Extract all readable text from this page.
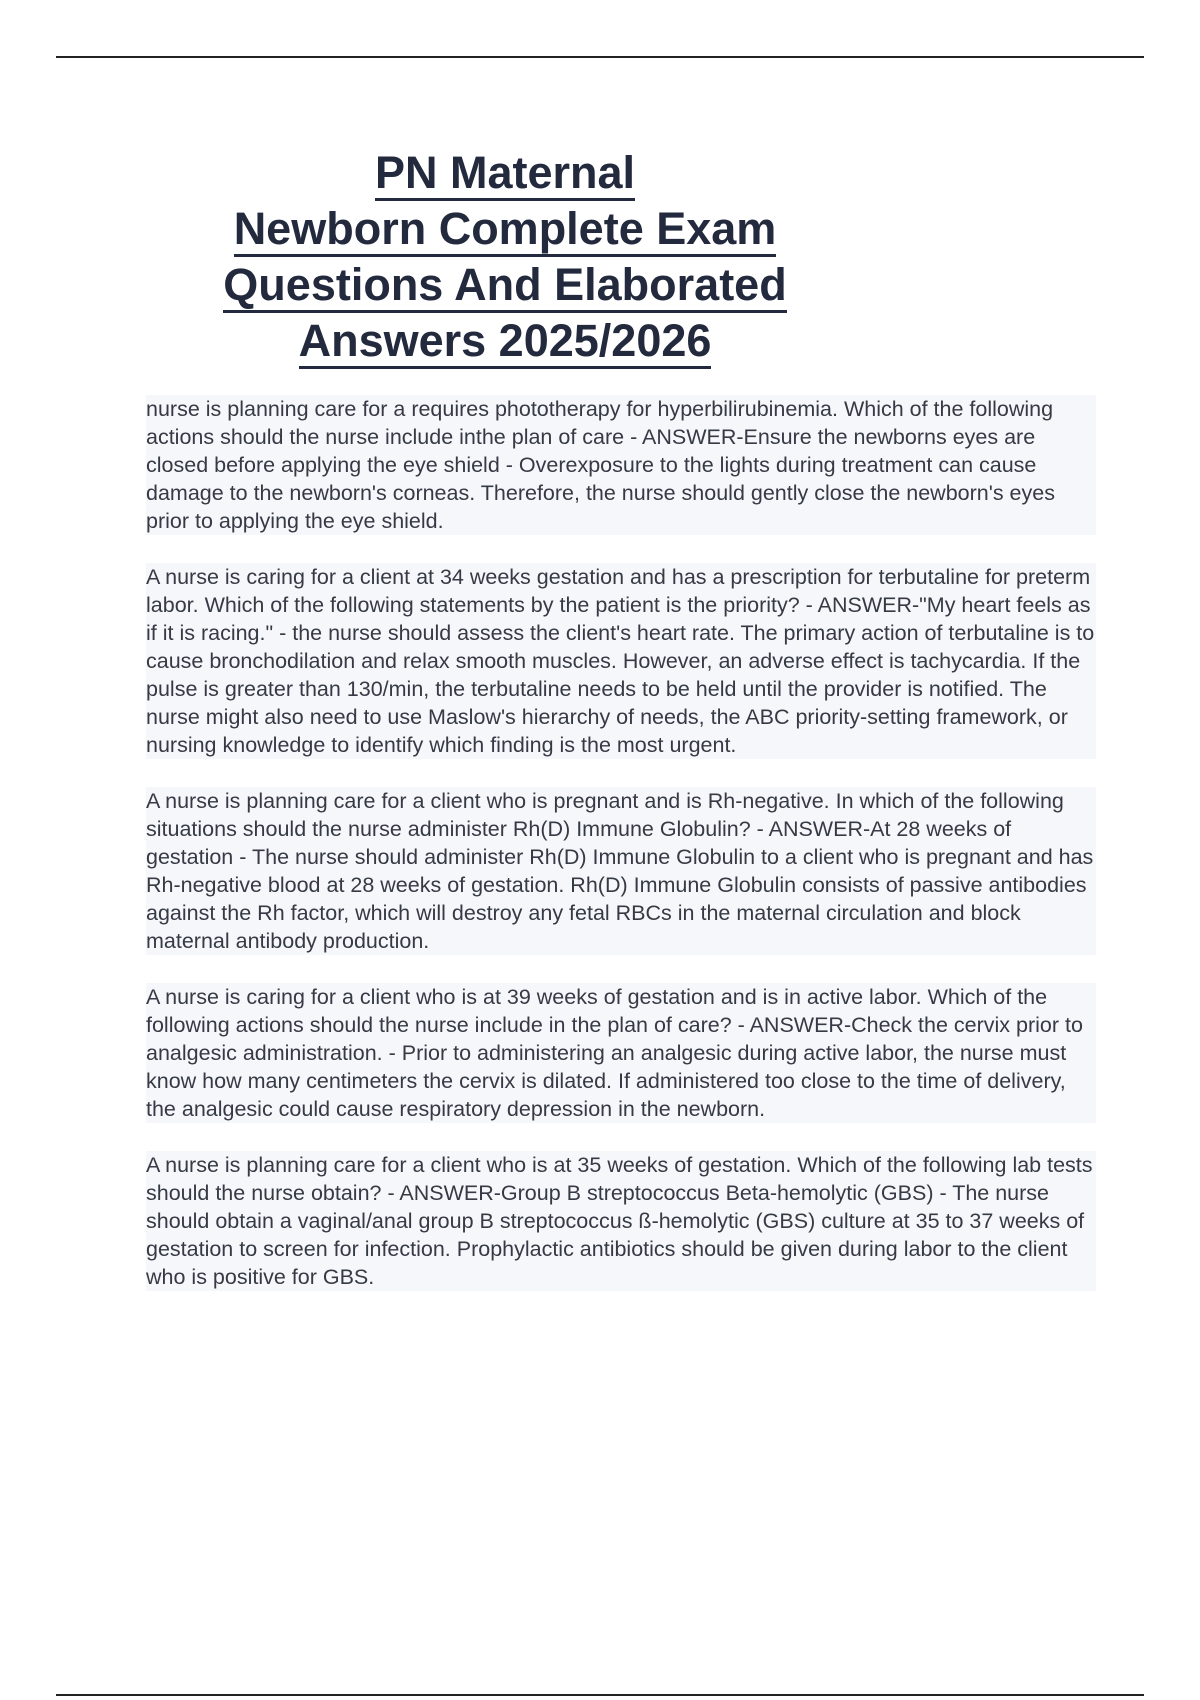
PN Maternal
Newborn Complete Exam
Questions And Elaborated
Answers 2025/2026

nurse is planning care for a requires phototherapy for hyperbilirubinemia. Which of the following actions should the nurse include inthe plan of care - ANSWER-Ensure the newborns eyes are closed before applying the eye shield - Overexposure to the lights during treatment can cause damage to the newborn's corneas. Therefore, the nurse should gently close the newborn's eyes prior to applying the eye shield.

A nurse is caring for a client at 34 weeks gestation and has a prescription for terbutaline for preterm labor. Which of the following statements by the patient is the priority? - ANSWER-"My heart feels as if it is racing." - the nurse should assess the client's heart rate. The primary action of terbutaline is to cause bronchodilation and relax smooth muscles. However, an adverse effect is tachycardia. If the pulse is greater than 130/min, the terbutaline needs to be held until the provider is notified. The nurse might also need to use Maslow's hierarchy of needs, the ABC priority-setting framework, or nursing knowledge to identify which finding is the most urgent.

A nurse is planning care for a client who is pregnant and is Rh-negative. In which of the following situations should the nurse administer Rh(D) Immune Globulin? - ANSWER-At 28 weeks of gestation - The nurse should administer Rh(D) Immune Globulin to a client who is pregnant and has Rh-negative blood at 28 weeks of gestation. Rh(D) Immune Globulin consists of passive antibodies against the Rh factor, which will destroy any fetal RBCs in the maternal circulation and block maternal antibody production.

A nurse is caring for a client who is at 39 weeks of gestation and is in active labor. Which of the following actions should the nurse include in the plan of care? - ANSWER-Check the cervix prior to analgesic administration. - Prior to administering an analgesic during active labor, the nurse must know how many centimeters the cervix is dilated. If administered too close to the time of delivery, the analgesic could cause respiratory depression in the newborn.

A nurse is planning care for a client who is at 35 weeks of gestation. Which of the following lab tests should the nurse obtain? - ANSWER-Group B streptococcus Beta-hemolytic (GBS) - The nurse should obtain a vaginal/anal group B streptococcus ß-hemolytic (GBS) culture at 35 to 37 weeks of gestation to screen for infection. Prophylactic antibiotics should be given during labor to the client who is positive for GBS.
